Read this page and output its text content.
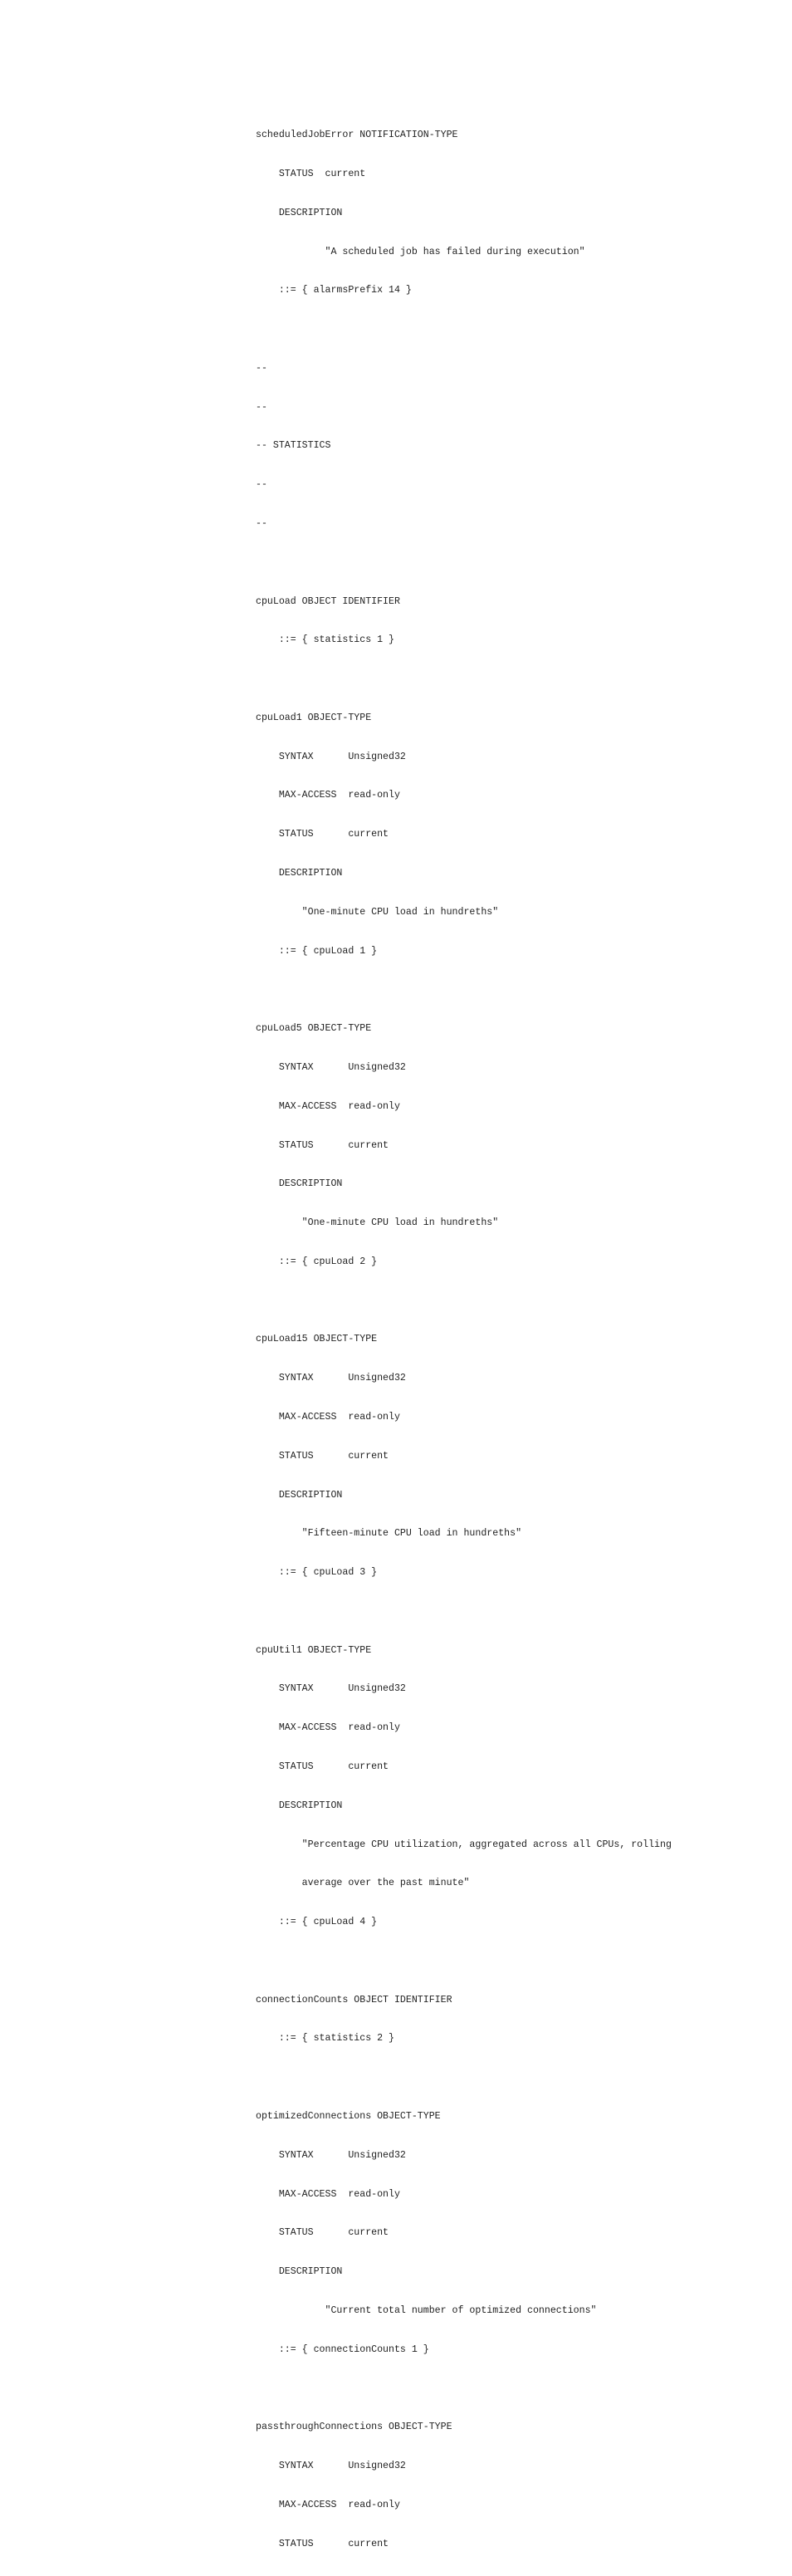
scheduledJobError NOTIFICATION-TYPE

STATUS  current

DESCRIPTION

"A scheduled job has failed during execution"

::= { alarmsPrefix 14 }

--

--

-- STATISTICS

--

--

cpuLoad OBJECT IDENTIFIER

::= { statistics 1 }

cpuLoad1 OBJECT-TYPE

SYNTAX      Unsigned32

MAX-ACCESS  read-only

STATUS      current

DESCRIPTION

"One-minute CPU load in hundreths"

::= { cpuLoad 1 }

cpuLoad5 OBJECT-TYPE

SYNTAX      Unsigned32

MAX-ACCESS  read-only

STATUS      current

DESCRIPTION

"One-minute CPU load in hundreths"

::= { cpuLoad 2 }

cpuLoad15 OBJECT-TYPE

SYNTAX      Unsigned32

MAX-ACCESS  read-only

STATUS      current

DESCRIPTION

"Fifteen-minute CPU load in hundreths"

::= { cpuLoad 3 }

cpuUtil1 OBJECT-TYPE

SYNTAX      Unsigned32

MAX-ACCESS  read-only

STATUS      current

DESCRIPTION

"Percentage CPU utilization, aggregated across all CPUs, rolling

average over the past minute"

::= { cpuLoad 4 }

connectionCounts OBJECT IDENTIFIER

::= { statistics 2 }

optimizedConnections OBJECT-TYPE

SYNTAX      Unsigned32

MAX-ACCESS  read-only

STATUS      current

DESCRIPTION

"Current total number of optimized connections"

::= { connectionCounts 1 }

passthroughConnections OBJECT-TYPE

SYNTAX      Unsigned32

MAX-ACCESS  read-only

STATUS      current
